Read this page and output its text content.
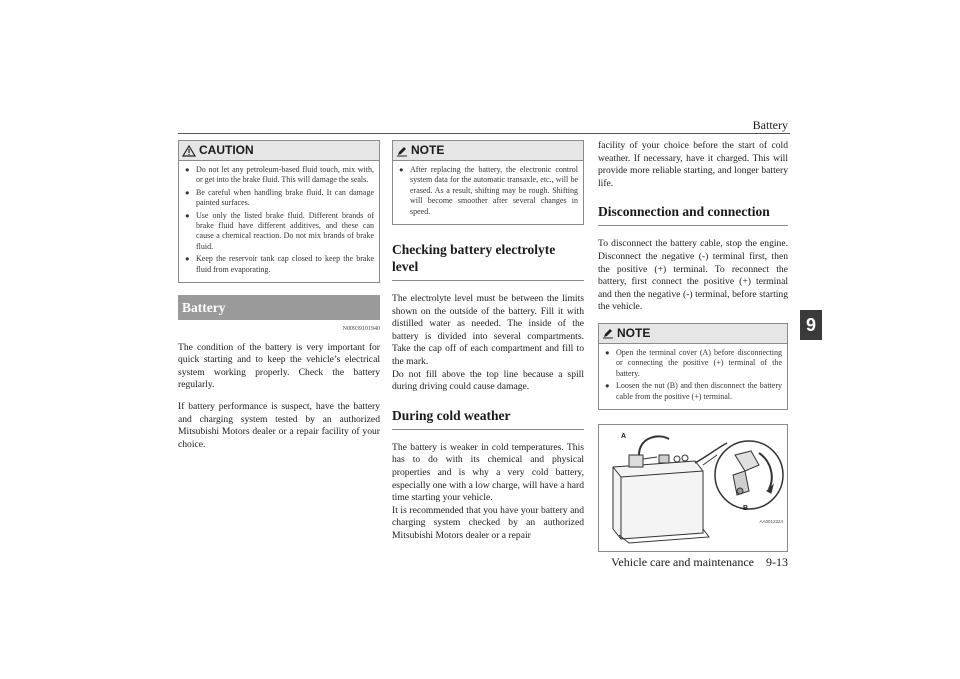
Battery
9
CAUTION
● Do not let any petroleum-based fluid touch, mix with, or get into the brake fluid. This will damage the seals.
● Be careful when handling brake fluid. It can damage painted surfaces.
● Use only the listed brake fluid. Different brands of brake fluid have different additives, and these can cause a chemical reaction. Do not mix brands of brake fluid.
● Keep the reservoir tank cap closed to keep the brake fluid from evaporating.
Battery
N00939101940

The condition of the battery is very important for quick starting and to keep the vehicle’s electrical system working properly. Check the battery regularly.

If battery performance is suspect, have the battery and charging system tested by an authorized Mitsubishi Motors dealer or a repair facility of your choice.

NOTE
● After replacing the battery, the electronic control system data for the automatic transaxle, etc., will be erased. As a result, shifting may be rough. Shifting will become smoother after several changes in speed.
Checking battery electrolyte level

The electrolyte level must be between the limits shown on the outside of the battery. Fill it with distilled water as needed. The inside of the battery is divided into several compartments. Take the cap off of each compartment and fill to the mark.

Do not fill above the top line because a spill during driving could cause damage.

During cold weather

The battery is weaker in cold temperatures. This has to do with its chemical and physical properties and is why a very cold battery, especially one with a low charge, will have a hard time starting your vehicle.

It is recommended that you have your battery and charging system checked by an authorized Mitsubishi Motors dealer or a repair

facility of your choice before the start of cold weather. If necessary, have it charged. This will provide more reliable starting, and longer battery life.

Disconnection and connection

To disconnect the battery cable, stop the engine. Disconnect the negative (-) terminal first, then the positive (+) terminal. To reconnect the battery, first connect the positive (+) terminal and then the negative (-) terminal, before starting the vehicle.

NOTE
● Open the terminal cover (A) before disconnecting or connecting the positive (+) terminal of the battery.
● Loosen the nut (B) and then disconnect the battery cable from the positive (+) terminal.
A
B
AA0012224
Vehicle care and maintenance    9-13
